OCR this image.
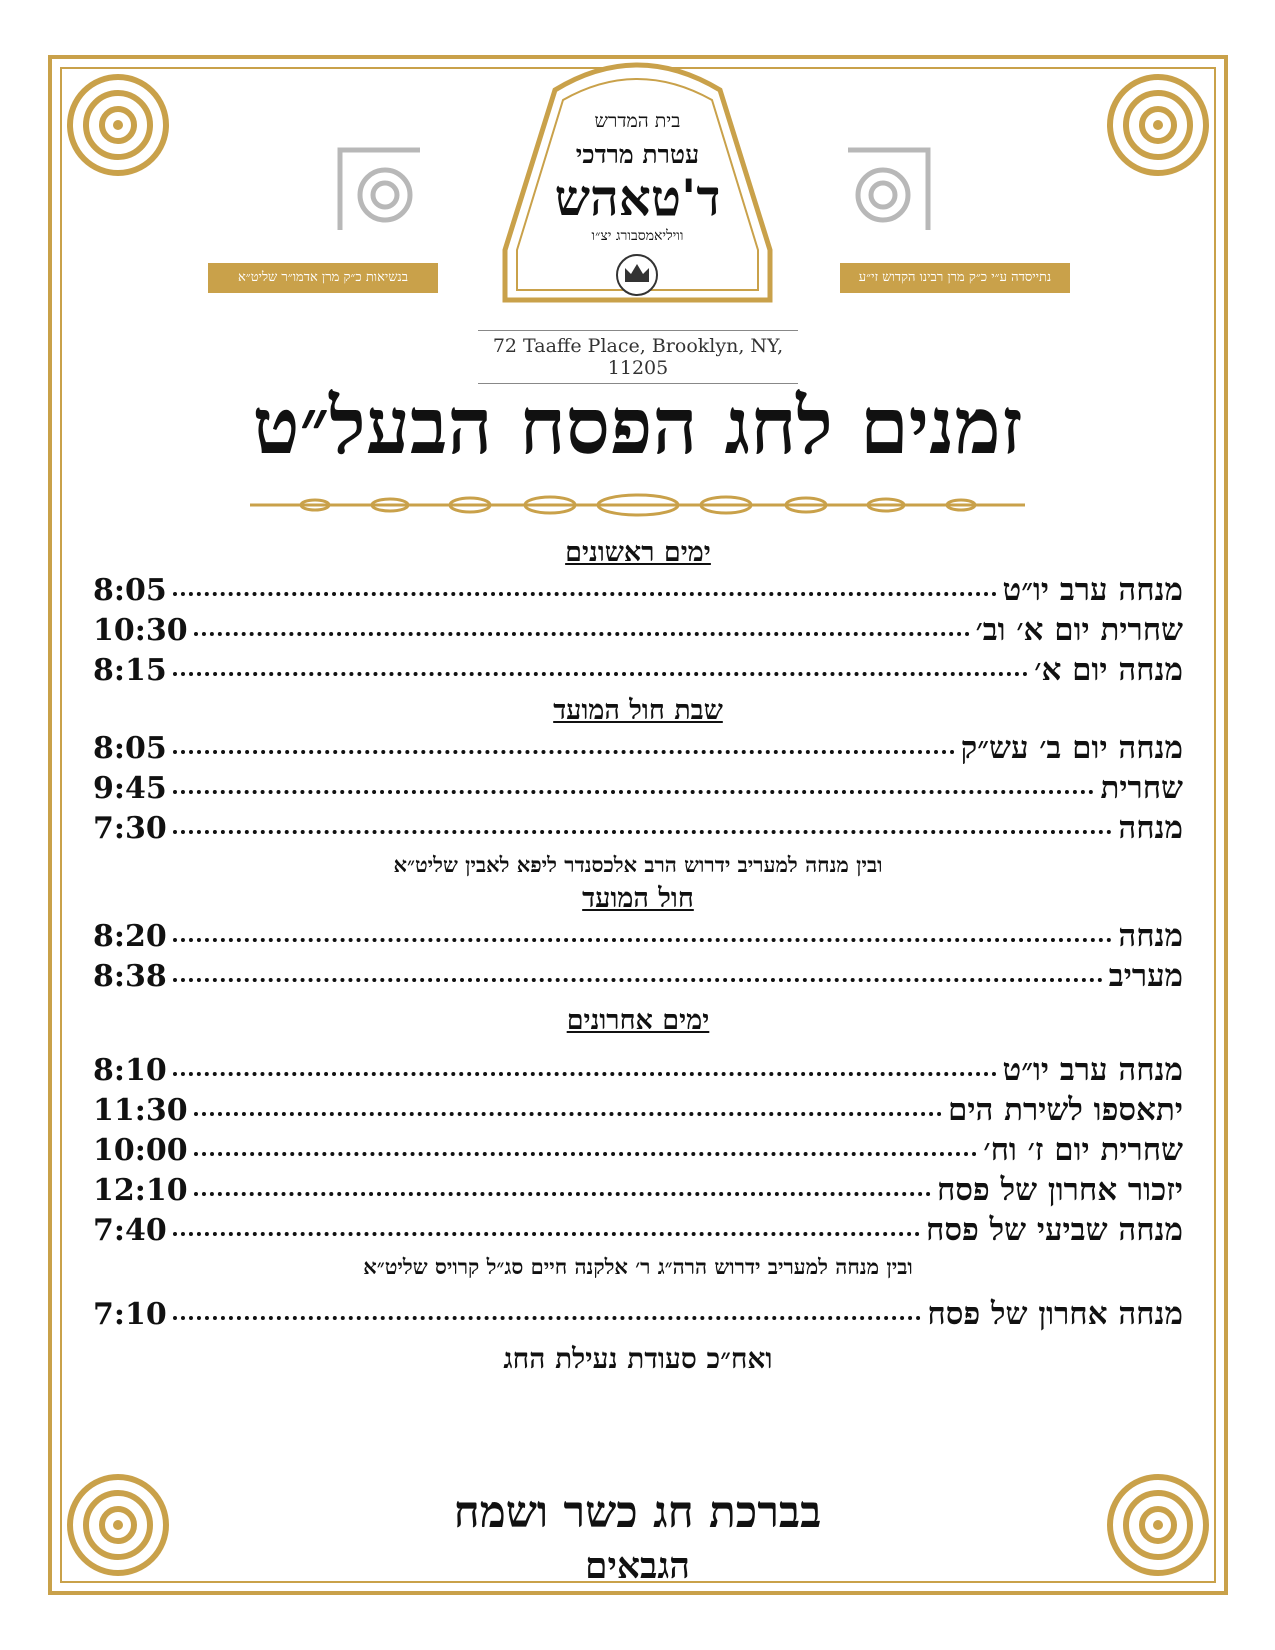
בנשיאות כ״ק מרן אדמו״ר שליט״א	נתייסדה ע״י כ״ק מרן רבינו הקדוש זי״ע
בית המדרש
עטרת מרדכי
ד'טאהש
וויליאמסבורג יצ״ו
72 Taaffe Place, Brooklyn, NY, 11205
זמנים לחג הפסח הבעל״ט
ימים ראשונים
מנחה ערב יו״ט
8:05
שחרית יום א׳ וב׳
10:30
מנחה יום א׳
8:15
שבת חול המועד
מנחה יום ב׳ עש״ק
8:05
שחרית
9:45
מנחה
7:30
ובין מנחה למעריב ידרוש הרב אלכסנדר ליפא לאבין שליט״א
חול המועד
מנחה
8:20
מעריב
8:38
ימים אחרונים
מנחה ערב יו״ט
8:10
יתאספו לשירת הים
11:30
שחרית יום ז׳ וח׳
10:00
יזכור אחרון של פסח
12:10
מנחה שביעי של פסח
7:40
ובין מנחה למעריב ידרוש הרה״ג ר׳ אלקנה חיים סג״ל קרויס שליט״א
מנחה אחרון של פסח
7:10
ואח״כ סעודת נעילת החג
בברכת חג כשר ושמח
הגבאים
